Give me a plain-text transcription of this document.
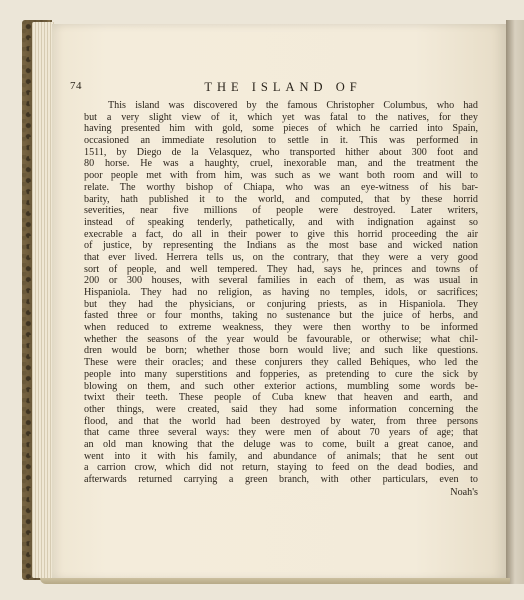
74	THE ISLAND OF
This island was discovered by the famous Christopher Columbus, who had
but a very slight view of it, which yet was fatal to the natives, for they
having presented him with gold, some pieces of which he carried into Spain,
occasioned an immediate resolution to settle in it. This was performed in
1511, by Diego de la Velasquez, who transported hither about 300 foot and
80 horse. He was a haughty, cruel, inexorable man, and the treatment the
poor people met with from him, was such as we want both room and will to
relate. The worthy bishop of Chiapa, who was an eye-witness of his bar-
barity, hath published it to the world, and computed, that by these horrid
severities, near five millions of people were destroyed. Later writers,
instead of speaking tenderly, pathetically, and with indignation against so
execrable a fact, do all in their power to give this horrid proceeding the air
of justice, by representing the Indians as the most base and wicked nation
that ever lived. Herrera tells us, on the contrary, that they were a very good
sort of people, and well tempered. They had, says he, princes and towns of
200 or 300 houses, with several families in each of them, as was usual in
Hispaniola. They had no religion, as having no temples, idols, or sacrifices;
but they had the physicians, or conjuring priests, as in Hispaniola. They
fasted three or four months, taking no sustenance but the juice of herbs, and
when reduced to extreme weakness, they were then worthy to be informed
whether the seasons of the year would be favourable, or otherwise; what chil-
dren would be born; whether those born would live; and such like questions.
These were their oracles; and these conjurers they called Behiques, who led the
people into many superstitions and fopperies, as pretending to cure the sick by
blowing on them, and such other exterior actions, mumbling some words be-
twixt their teeth. These people of Cuba knew that heaven and earth, and
other things, were created, said they had some information concerning the
flood, and that the world had been destroyed by water, from three persons
that came three several ways: they were men of about 70 years of age; that
an old man knowing that the deluge was to come, built a great canoe, and
went into it with his family, and abundance of animals; that he sent out
a carrion crow, which did not return, staying to feed on the dead bodies, and
afterwards returned carrying a green branch, with other particulars, even to
Noah's
